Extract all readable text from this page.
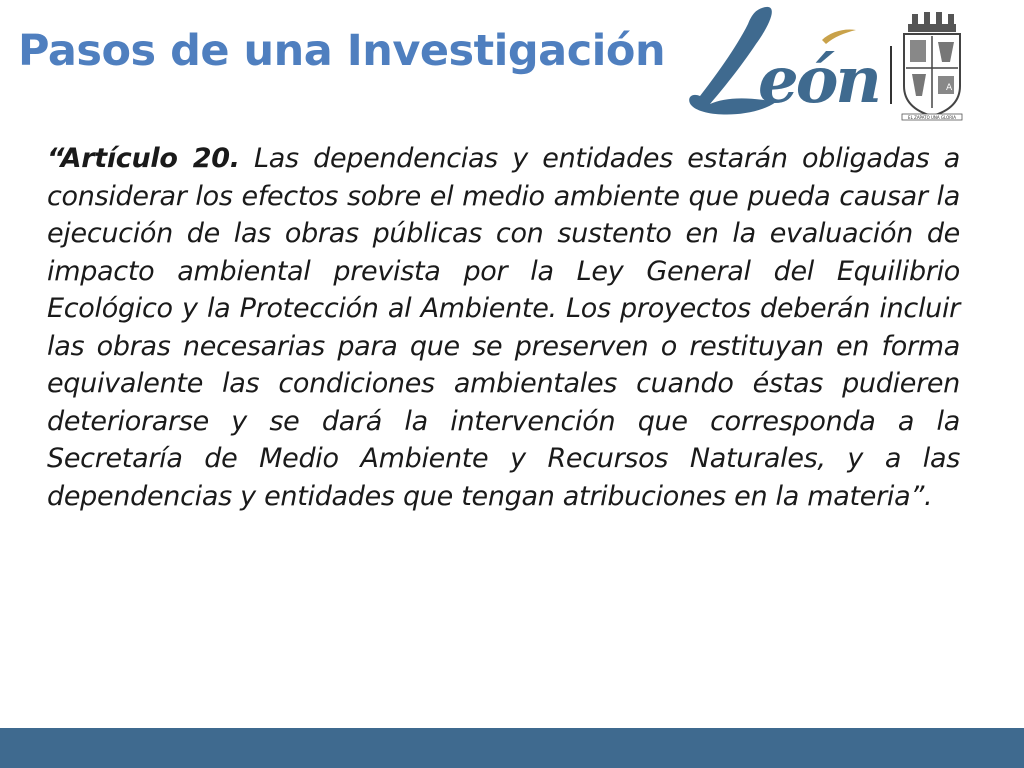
Pasos de una Investigación eón	A
EL ZAPATO UNA GLORIA

“Artículo 20. Las dependencias y entidades estarán obligadas a considerar los efectos sobre el medio ambiente que pueda causar la ejecución de las obras públicas con sustento en la evaluación de impacto ambiental prevista por la Ley General del Equilibrio Ecológico y la Protección al Ambiente. Los proyectos deberán incluir las obras necesarias para que se preserven o restituyan en forma equivalente las condiciones ambientales cuando éstas pudieren deteriorarse y se dará la intervención que corresponda a la Secretaría de Medio Ambiente y Recursos Naturales, y a las dependencias y entidades que tengan atribuciones en la materia”.
